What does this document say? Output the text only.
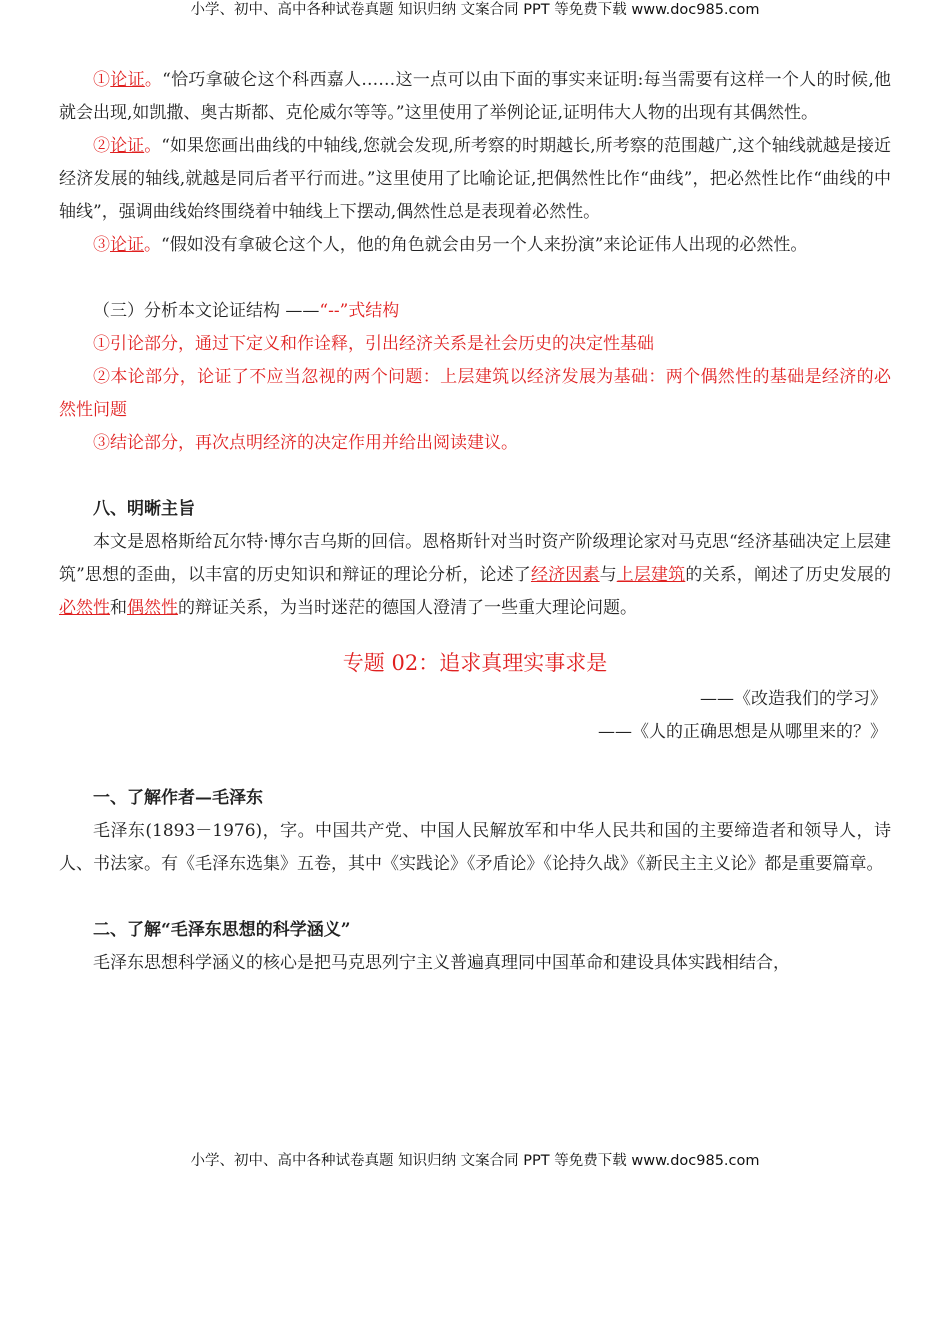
小学、初中、高中各种试卷真题 知识归纳 文案合同 PPT 等免费下载 www.doc985.com

①论证。“恰巧拿破仑这个科西嘉人……这一点可以由下面的事实来证明:每当需要有这样一个人的时候,他就会出现,如凯撒、奥古斯都、克伦威尔等等。”这里使用了举例论证,证明伟大人物的出现有其偶然性。

②论证。“如果您画出曲线的中轴线,您就会发现,所考察的时期越长,所考察的范围越广,这个轴线就越是接近经济发展的轴线,就越是同后者平行而进。”这里使用了比喻论证,把偶然性比作“曲线”，把必然性比作“曲线的中轴线”，强调曲线始终围绕着中轴线上下摆动,偶然性总是表现着必然性。

③论证。“假如没有拿破仑这个人，他的角色就会由另一个人来扮演”来论证伟人出现的必然性。

（三）分析本文论证结构 ——“--”式结构

①引论部分，通过下定义和作诠释，引出经济关系是社会历史的决定性基础

②本论部分，论证了不应当忽视的两个问题：上层建筑以经济发展为基础：两个偶然性的基础是经济的必然性问题

③结论部分，再次点明经济的决定作用并给出阅读建议。

八、明晰主旨

本文是恩格斯给瓦尔特·博尔吉乌斯的回信。恩格斯针对当时资产阶级理论家对马克思“经济基础决定上层建筑”思想的歪曲，以丰富的历史知识和辩证的理论分析，论述了经济因素与上层建筑的关系，阐述了历史发展的必然性和偶然性的辩证关系，为当时迷茫的德国人澄清了一些重大理论问题。

专题 02：追求真理实事求是

——《改造我们的学习》

——《人的正确思想是从哪里来的？》

一、了解作者—毛泽东

毛泽东(1893－1976)，字。中国共产党、中国人民解放军和中华人民共和国的主要缔造者和领导人，诗人、书法家。有《毛泽东选集》五卷，其中《实践论》《矛盾论》《论持久战》《新民主主义论》都是重要篇章。

二、了解“毛泽东思想的科学涵义”

毛泽东思想科学涵义的核心是把马克思列宁主义普遍真理同中国革命和建设具体实践相结合，

小学、初中、高中各种试卷真题 知识归纳 文案合同 PPT 等免费下载 www.doc985.com
